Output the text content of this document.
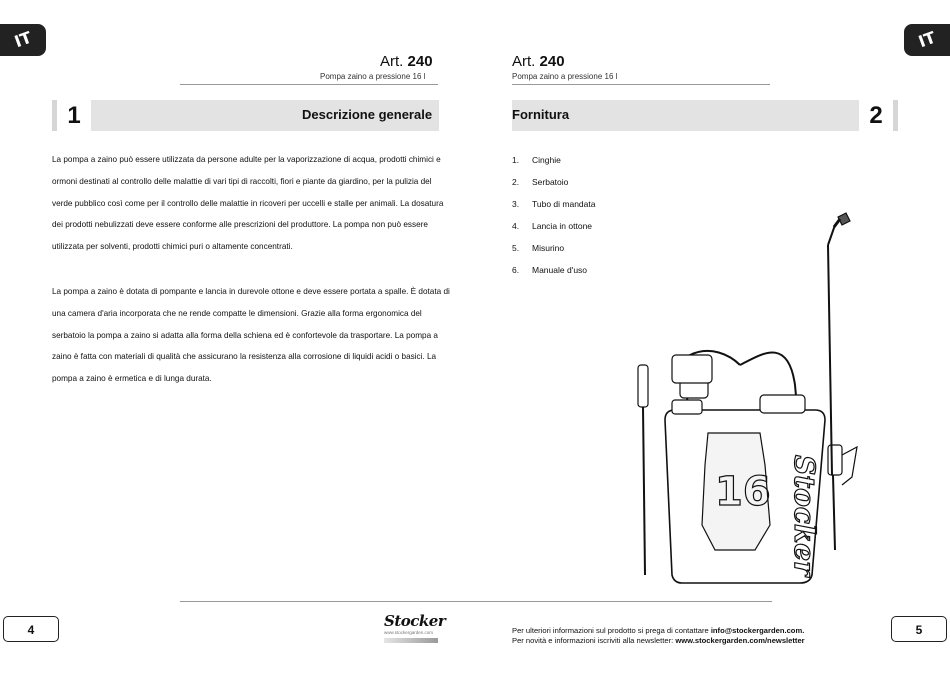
IT	IT
Art. 240
Pompa zaino a pressione 16 l
Art. 240
Pompa zaino a pressione 16 l
1	Descrizione generale	Fornitura	2

La pompa a zaino può essere utilizzata da persone adulte per la vaporizzazione di acqua, prodotti chimici e ormoni destinati al controllo delle malattie di vari tipi di raccolti, fiori e piante da giardino, per la pulizia del verde pubblico così come per il controllo delle malattie in ricoveri per uccelli e stalle per animali. La dosatura dei prodotti nebulizzati deve essere conforme alle prescrizioni del produttore. La pompa non può essere utilizzata per solventi, prodotti chimici puri o altamente concentrati.

La pompa a zaino è dotata di pompante e lancia in durevole ottone e deve essere portata a spalle. È dotata di una camera d'aria incorporata che ne rende compatte le dimensioni. Grazie alla forma ergonomica del serbatoio la pompa a zaino si adatta alla forma della schiena ed è confortevole da trasportare. La pompa a zaino è fatta con materiali di qualità che assicurano la resistenza alla corrosione di liquidi acidi o basici. La pompa a zaino è ermetica e di lunga durata.

1. Cinghie
2. Serbatoio
3. Tubo di mandata
4. Lancia in ottone
5. Misurino
6. Manuale d'uso
16 Stocker
4	5
Stocker
www.stockergarden.com	Per ulteriori informazioni sul prodotto si prega di contattare info@stockergarden.com.
Per novità e informazioni iscriviti alla newsletter: www.stockergarden.com/newsletter
